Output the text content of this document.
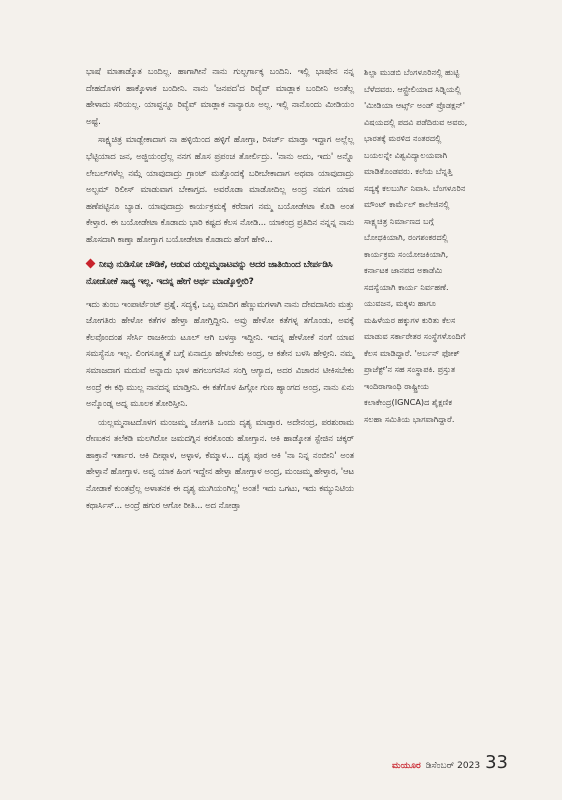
ಭಾಷೆ ಮಾತಾಡ್ಕೊತ ಬಂದಿಲ್ಲ. ಹಾಗಾಗೀನೆ ನಾನು ಗುಲ್ಬರ್ಗಾಕ್ಕ ಬಂದಿನಿ. ಇಲ್ಲಿ ಭಾಷೇನ ನನ್ನ ದೇಹದೊಳಗ ಹಾಕ್ಕೊಳಾಕ ಬಂದೀನಿ. ನಾನು 'ಜನಪದ'ದ ರಿವ್ಯೆವ್ ಮಾಡ್ಲಾಕ ಬಂದೀನಿ ಅಂತೆಲ್ಲ ಹೇಳಾದು ಸರಿಯಲ್ಲ. ಯಾವ್ದನ್ನೂ ರಿವ್ಯೆವ್ ಮಾಡ್ಲಾಕ ನಾನ್ಯಾರೂ ಅಲ್ಲ. ಇಲ್ಲಿ ನಾನೊಂದು ಮೀಡಿಯಂ ಅಷ್ಟೆ.

ಸಾಕ್ಷ್ಯಚಿತ್ರ ಮಾಡ್ಬೇಕಾದಾಗ ನಾ ಹಳ್ಳಿಯಿಂದ ಹಳ್ಳಿಗೆ ಹೋಗ್ತಾ, ರಿಸರ್ಚ್ ಮಾಡ್ತಾ ಇದ್ದಾಗ ಅಲ್ಲೆಲ್ಲ ಭೆಟ್ಟಿಯಾದ ಜನ, ಅಜ್ಜಿಯಂದ್ರೆಲ್ಲ ನನಗ ಹೊಸ ಪ್ರಪಂಚ ತೋರ್ಲಿದ್ರು. 'ನಾನು ಅದು, ಇದು' ಅನ್ನೊ ಲೇಬಲ್‌ಗಳೆಲ್ಲ ನಮ್ಗೆ ಯಾವುದಾದ್ರು ಗ್ರಾಂಟ್ ಮತ್ತೊಂದಕ್ಕೆ ಬರೀಬೇಕಾದಾಗ ಅಥವಾ ಯಾವುದಾದ್ರು ಅಲ್ಬಮ್ ರಿಲೀಸ್ ಮಾಡುವಾಗ ಬೇಕಾಗ್ತದ. ಅವರೊಡಾ ಮಾಡೋದಿಲ್ಲ ಅಂದ್ರ ನಮಗ ಯಾವ ಹಣೆಪಟ್ಟಿನೂ ಬ್ಯಾಡ. ಯಾವುದಾದ್ರು ಕಾರ್ಯಕ್ರಮಕ್ಕೆ ಕರೆದಾಗ ನಮ್ಮ ಬಯೋಡೇಟಾ ಕೊಡಿ ಅಂತ ಕೇಳ್ತಾರ. ಈ ಬಯೋಡೇಟಾ ಕೊಡಾದು ಭಾರಿ ಕಷ್ಟದ ಕೆಲಸ ನೋಡಿ... ಯಾಕಂದ್ರ ಪ್ರತಿದಿನ ನನ್ನನ್ನ ನಾನು ಹೊಸದಾಗಿ ಕಾಣ್ತಾ ಹೋಗ್ತಾಗ ಬಯೋಡೇಟಾ ಕೊಡಾದು ಹೆಂಗೆ ಹೇಳಿ...

ನೀವು ನುಡಿಸೋ ಚೌಡಿಕೆ, ಆಡುವ ಯಲ್ಲಮ್ಮನಾಟವನ್ನು ಅದರ ಜಾತಿಯಿಂದ ಬೇರ್ಪಡಿಸಿ ನೋಡೋಕೆ ಸಾಧ್ಯ ಇಲ್ಲ. ಇದನ್ನ ಹೇಗೆ ಅರ್ಥ ಮಾಡ್ಕೊಳ್ತೀರಿ?

ಇದು ತುಂಬ ಇಂಪಾರ್ಟೆಂಟ್ ಪ್ರಶ್ನೆ. ಸದ್ಯಕ್ಕೆ, ಒಬ್ಬ ಮಾದಿಗ ಹೆಣ್ಣುಮಗಳಾಗಿ ನಾನು ದೇವದಾಸಿರು ಮತ್ತು ಜೋಗತಿರು ಹೇಳೋ ಕತೆಗಳ ಹೇಳ್ತಾ ಹೋಗ್ತಿದ್ದೀನಿ. ಅವ್ರು ಹೇಳೋ ಕತೆಗಳ್ನ ತಗೊಂಡು, ಅವಕ್ಕೆ ಕೆಲವೊಂದಂಶ ಸೇರ್ಸಿ ರಾಜಕೀಯ ಟೂಲ್ ಆಗಿ ಬಳಸ್ತಾ ಇದ್ದೀನಿ. ಇದನ್ನ ಹೇಳೋಕೆ ನಂಗೆ ಯಾವ ಸಮಸ್ಯೆನೂ ಇಲ್ಲ. ಲಿಂಗಸೂಕ್ಷ್ಮತೆ ಬಗ್ಗೆ ಏನಾದ್ರೂ ಹೇಳಬೇಕು ಅಂದ್ರ, ಆ ಕತೇನ ಬಳಸಿ ಹೇಳ್ತೀನಿ. ನಮ್ಮ ಸಮಾಜದಾಗ ಮದುವೆ ಅನ್ನಾದು ಭಾಳ ಹಗಲುಗನಸಿನ ಸಂಗ್ತಿ ಆಗ್ಯಾದ, ಅದರ ವಿಚಾರನ ಟೀಕಿಸಬೇಕು ಅಂದ್ರೆ ಈ ಕಥಿ ಮುಲ್ಲ ನಾನದನ್ನ ಮಾಡ್ತೀನಿ. ಈ ಕತೆಗೊಳ ಹಿಗ್ಗೋ ಗುಣ ಹ್ಯಾಂಗದ ಅಂದ್ರ, ನಾನು ಏನು ಅನ್ಕೊಂಡ್ನ ಅದ್ನ ಮೂಲಕ ತೋರಿಸ್ತೀನಿ.

ಯಲ್ಲಮ್ಮನಾಟದೊಳಗ ಮಂಜಮ್ಮ ಜೋಗತಿ ಒಂದು ದೃಶ್ಯ ಮಾಡ್ತಾರ. ಅದೇನಂದ್ರ, ಪರಶುರಾಮ ರೇಣುಕನ ತಲೆಕಡಿ ಮಲಗಿರೋ ಜಮದಗ್ನಿನ ಕರಕೊಂಡು ಹೋಗ್ತಾನ. ಆಕಿ ಹಾಡ್ಕೋತ ಸ್ಟೇಜಿನ ಚಕ್ಕರ್ ಹಾಕ್ತಾನೆ ಇರ್ತಾರ. ಆಕಿ ದೀಪ್ಗಾಳ, ಅಳ್ಳಾಳ, ಕೆಮ್ಮಾಳ... ದೃಶ್ಯ ಪೂರ ಆಕಿ 'ನಾ ನಿನ್ನ ನಂಬೀನಿ' ಅಂತ ಹೇಳ್ತಾನೆ ಹೋಗ್ತಾಳ. ಅವ್ವ ಯಾಕ ಹಿಂಗ ಇದ್ದೇನ ಹೇಳ್ತಾ ಹೋಗ್ತಾಳ ಅಂದ್ರ, ಮಂಜಮ್ಮ ಹೇಳ್ತಾರ, 'ಆಟ ನೋಡಾಕೆ ಕುಂತವ್ರೆಲ್ಲ ಅಳಾತನಕ ಈ ದೃಶ್ಯ ಮುಗಿಯಂಗಿಲ್ಲ' ಅಂತ! ಇದು ಒಗಟು, ಇದು ಕಮ್ಯುನಿಟಿಯ ಕಥಾರ್ಸಿಸ್... ಅಂದ್ರೆ ಹಗುರ ಆಗೋ ರೀತಿ... ಅದ ನೋಡ್ತಾ

ಶಿಲ್ಪಾ ಮುಡಬಿ ಬೆಂಗಳೂರಿನಲ್ಲಿ ಹುಟ್ಟಿ ಬೆಳೆದವರು. ಆಸ್ಟ್ರೇಲಿಯಾದ ಸಿಡ್ನಿಯಲ್ಲಿ 'ಮೀಡಿಯಾ ಆರ್ಟ್ಸ್ ಅಂಡ್ ಪ್ರೊಡಕ್ಷನ್' ವಿಷಯದಲ್ಲಿ ಪದವಿ ಪಡೆದಿರುವ ಅವರು, ಭಾರತಕ್ಕೆ ಮರಳಿದ ನಂತರದಲ್ಲಿ ಬಯಲನ್ನೇ ವಿಶ್ವವಿದ್ಯಾಲಯವಾಗಿ ಮಾಡಿಕೊಂಡವರು. ಕಲೆಯ ಬೆನ್ನತ್ತಿ ಸದ್ಯಕ್ಕೆ ಕಲಬುರ್ಗಿ ನಿವಾಸಿ. ಬೆಂಗಳೂರಿನ ಮೌಂಟ್ ಕಾರ್ಮೆಲ್ ಕಾಲೇಜಿನಲ್ಲಿ ಸಾಕ್ಷ್ಯಚಿತ್ರ ನಿರ್ಮಾಣದ ಬಗ್ಗೆ ಬೋಧಕಿಯಾಗಿ, ರಂಗಶಂಕರದಲ್ಲಿ ಕಾರ್ಯಕ್ರಮ ಸಂಯೋಜಕಿಯಾಗಿ, ಕರ್ನಾಟಕ ಜಾನಪದ ಅಕಾಡೆಮಿ ಸದಸ್ಯೆಯಾಗಿ ಕಾರ್ಯ ನಿರ್ವಹಣೆ. ಯುವಜನ, ಮಕ್ಕಳು ಹಾಗೂ ಮಹಿಳೆಯರ ಹಕ್ಕುಗಳ ಕುರಿತು ಕೆಲಸ ಮಾಡುವ ಸರ್ಕಾರೇತರ ಸಂಸ್ಥೆಗಳೊಂದಿಗೆ ಕೆಲಸ ಮಾಡಿದ್ದಾರೆ. 'ಅರ್ಬನ್ ಫೋಕ್ ಪ್ರಾಜೆಕ್ಟ್'ನ ಸಹ ಸಂಸ್ಥಾಪಕಿ. ಪ್ರಸ್ತುತ ಇಂದಿರಾಗಾಂಧಿ ರಾಷ್ಟ್ರೀಯ ಕಲಾಕೇಂದ್ರ(IGNCA)ದ ಶೈಕ್ಷಣಿಕ ಸಲಹಾ ಸಮಿತಿಯ ಭಾಗವಾಗಿದ್ದಾರೆ.

ಮಯೂರ ಡಿಸೆಂಬರ್ 2023 33
